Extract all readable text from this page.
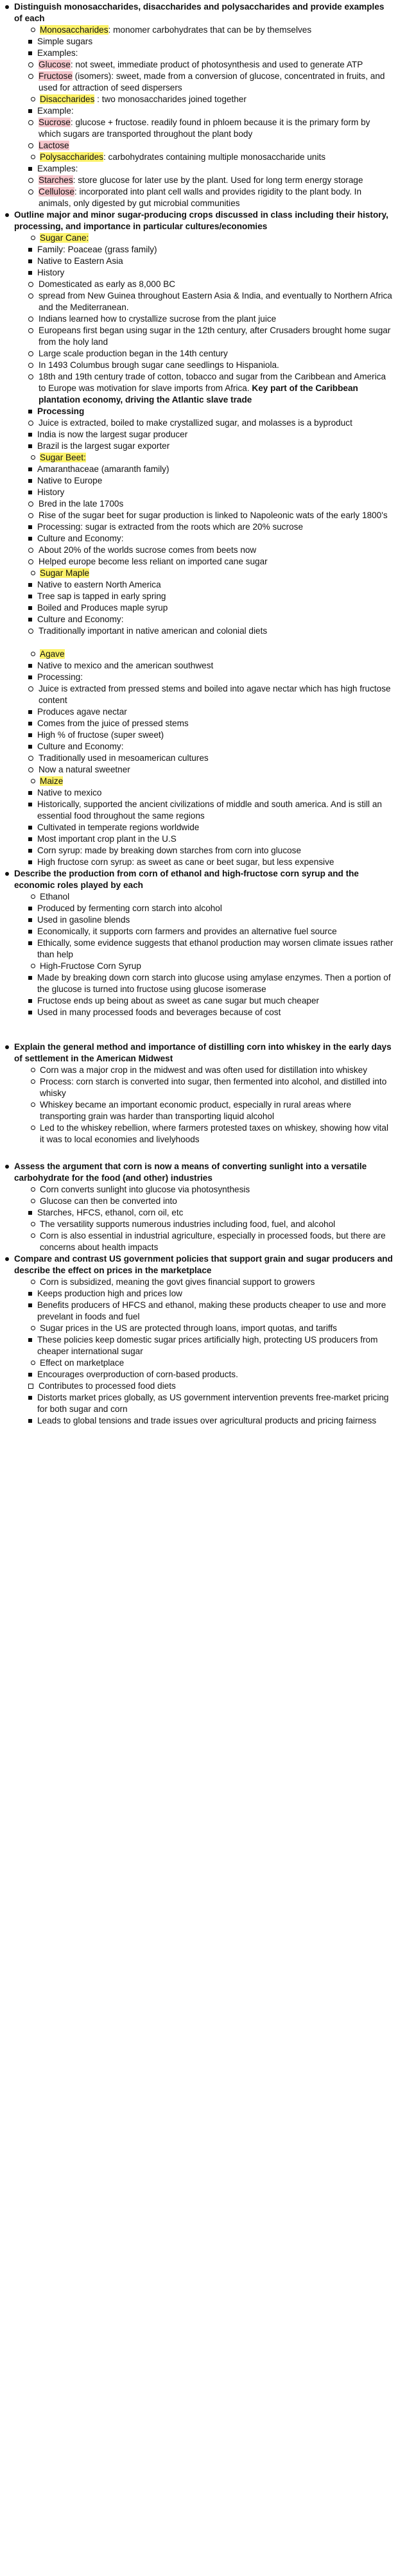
Distinguish monosaccharides, disaccharides and polysaccharides and provide examples of each
Monosaccharides: monomer carbohydrates that can be by themselves
Simple sugars
Examples:
Glucose: not sweet, immediate product of photosynthesis and used to generate ATP
Fructose (isomers): sweet, made from a conversion of glucose, concentrated in fruits, and used for attraction of seed dispersers
Disaccharides : two monosaccharides joined together
Example:
Sucrose: glucose + fructose. readily found in phloem because it is the primary form by which sugars are transported throughout the plant body
Lactose
Polysaccharides: carbohydrates containing multiple monosaccharide units
Examples:
Starches: store glucose for later use by the plant. Used for long term energy storage
Cellulose: incorporated into plant cell walls and provides rigidity to the plant body. In animals, only digested by gut microbial communities
Outline major and minor sugar-producing crops discussed in class including their history, processing, and importance in particular cultures/economies
Sugar Cane:
Family: Poaceae (grass family)
Native to Eastern Asia
History
Domesticated as early as 8,000 BC
spread from New Guinea throughout Eastern Asia & India, and eventually to Northern Africa and the Mediterranean.
Indians learned how to crystallize sucrose from the plant juice
Europeans first began using sugar in the 12th century, after Crusaders brought home sugar from the holy land
Large scale production began in the 14th century
In 1493 Columbus brough sugar cane seedlings to Hispaniola.
18th and 19th century trade of cotton, tobacco and sugar from the Caribbean and America to Europe was motivation for slave imports from Africa. Key part of the Caribbean plantation economy, driving the Atlantic slave trade
Processing
Juice is extracted, boiled to make crystallized sugar, and molasses is a byproduct
India is now the largest sugar producer
Brazil is the largest sugar exporter
Sugar Beet:
Amaranthaceae (amaranth family)
Native to Europe
History
Bred in the late 1700s
Rise of the sugar beet for sugar production is linked to Napoleonic wats of the early 1800's
Processing: sugar is extracted from the roots which are 20% sucrose
Culture and Economy:
About 20% of the worlds sucrose comes from beets now
Helped europe become less reliant on imported cane sugar
Sugar Maple
Native to eastern North America
Tree sap is tapped in early spring
Boiled and Produces maple syrup
Culture and Economy:
Traditionally important in native american and colonial diets
Agave
Native to mexico and the american southwest
Processing:
Juice is extracted from pressed stems and boiled into agave nectar which has high fructose content
Produces agave nectar
Comes from the juice of pressed stems
High % of fructose (super sweet)
Culture and Economy:
Traditionally used in mesoamerican cultures
Now a natural sweetner
Maize
Native to mexico
Historically, supported the ancient civilizations of middle and south america. And is still an essential food throughout the same regions
Cultivated in temperate regions worldwide
Most important crop plant in the U.S
Corn syrup: made by breaking down starches from corn into glucose
High fructose corn syrup: as sweet as cane or beet sugar, but less expensive
Describe the production from corn of ethanol and high-fructose corn syrup and the economic roles played by each
Ethanol
Produced by fermenting corn starch into alcohol
Used in gasoline blends
Economically, it supports corn farmers and provides an alternative fuel source
Ethically, some evidence suggests that ethanol production may worsen climate issues rather than help
High-Fructose Corn Syrup
Made by breaking down corn starch into glucose using amylase enzymes. Then a portion of the glucose is turned into fructose using glucose isomerase
Fructose ends up being about as sweet as cane sugar but much cheaper
Used in many processed foods and beverages because of cost
Explain the general method and importance of distilling corn into whiskey in the early days of settlement in the American Midwest
Corn was a major crop in the midwest and was often used for distillation into whiskey
Process: corn starch is converted into sugar, then fermented into alcohol, and distilled into whisky
Whiskey became an important economic product, especially in rural areas where transporting grain was harder than transporting liquid alcohol
Led to the whiskey rebellion, where farmers protested taxes on whiskey, showing how vital it was to local economies and livelyhoods
Assess the argument that corn is now a means of converting sunlight into a versatile carbohydrate for the food (and other) industries
Corn converts sunlight into glucose via photosynthesis
Glucose can then be converted into
Starches, HFCS, ethanol, corn oil, etc
The versatility supports numerous industries including food, fuel, and alcohol
Corn is also essential in industrial agriculture, especially in processed foods, but there are concerns about health impacts
Compare and contrast US government policies that support grain and sugar producers and describe the effect on prices in the marketplace
Corn is subsidized, meaning the govt gives financial support to growers
Keeps production high and prices low
Benefits producers of HFCS and ethanol, making these products cheaper to use and more prevelant in foods and fuel
Sugar prices in the US are protected through loans, import quotas, and tariffs
These policies keep domestic sugar prices artificially high, protecting US producers from cheaper international sugar
Effect on marketplace
Encourages overproduction of corn-based products.
Contributes to processed food diets
Distorts market prices globally, as US government intervention prevents free-market pricing for both sugar and corn
Leads to global tensions and trade issues over agricultural products and pricing fairness
